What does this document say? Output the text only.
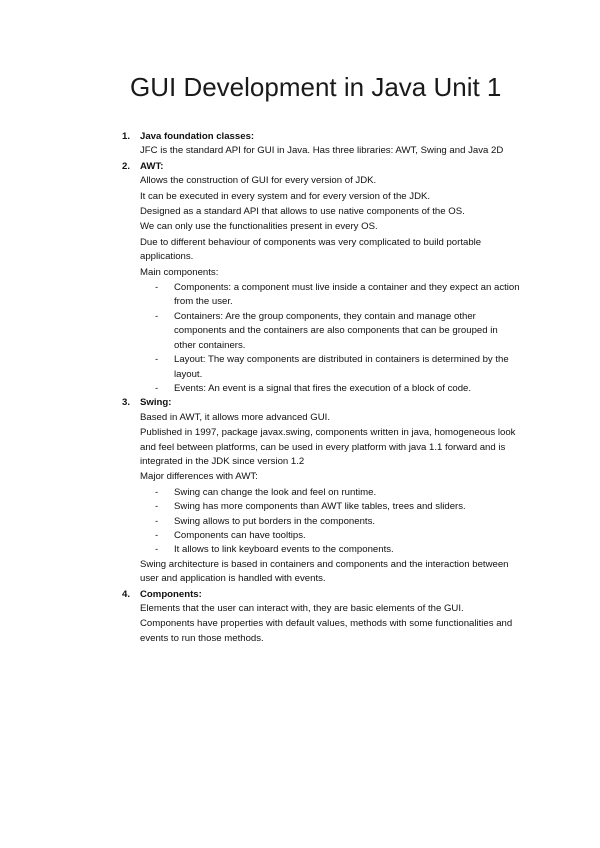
GUI Development in Java Unit 1
1. Java foundation classes:
JFC is the standard API for GUI in Java. Has three libraries: AWT, Swing and Java 2D
2. AWT:
Allows the construction of GUI for every version of JDK.
It can be executed in every system and for every version of the JDK.
Designed as a standard API that allows to use native components of the OS.
We can only use the functionalities present in every OS.
Due to different behaviour of components was very complicated to build portable applications.
Main components:
- Components: a component must live inside a container and they expect an action from the user.
- Containers: Are the group components, they contain and manage other components and the containers are also components that can be grouped in other containers.
- Layout: The way components are distributed in containers is determined by the layout.
- Events: An event is a signal that fires the execution of a block of code.
3. Swing:
Based in AWT, it allows more advanced GUI.
Published in 1997, package javax.swing, components written in java, homogeneous look and feel between platforms, can be used in every platform with java 1.1 forward and is integrated in the JDK since version 1.2
Major differences with AWT:
- Swing can change the look and feel on runtime.
- Swing has more components than AWT like tables, trees and sliders.
- Swing allows to put borders in the components.
- Components can have tooltips.
- It allows to link keyboard events to the components.
Swing architecture is based in containers and components and the interaction between user and application is handled with events.
4. Components:
Elements that the user can interact with, they are basic elements of the GUI.
Components have properties with default values, methods with some functionalities and events to run those methods.
